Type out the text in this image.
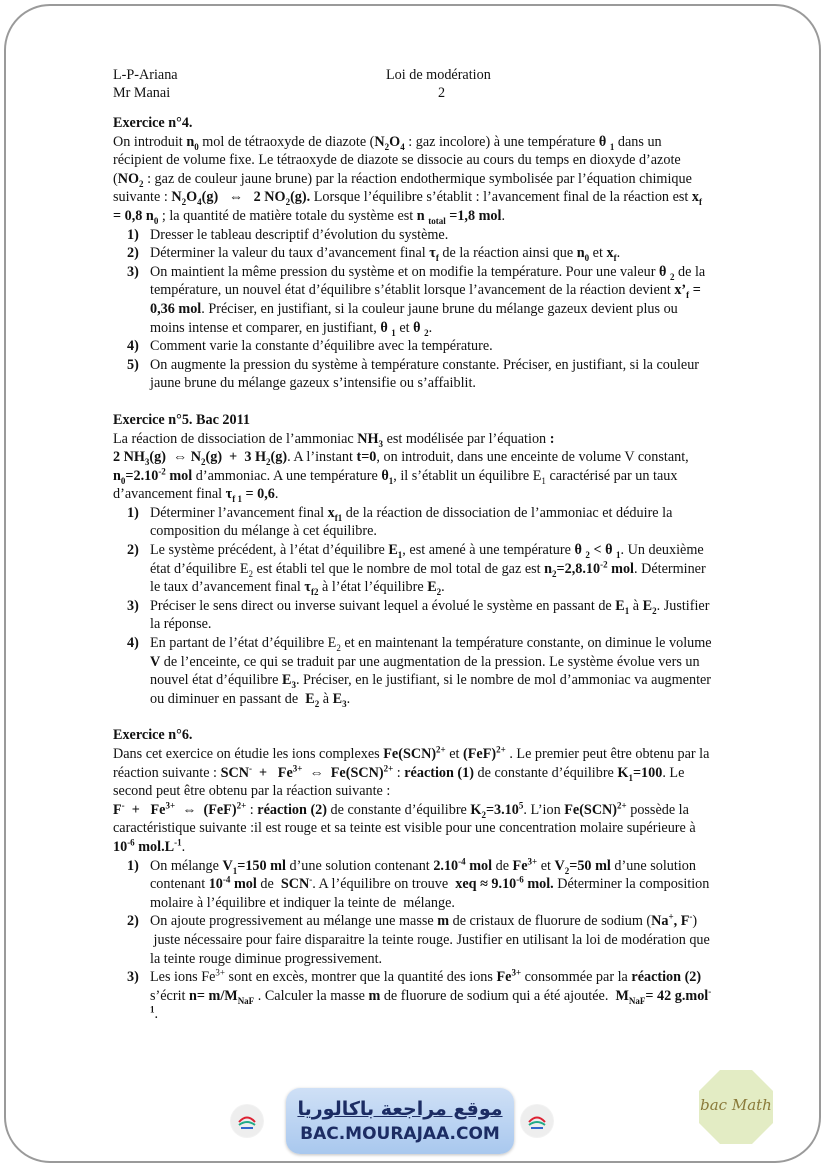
L-P-Ariana
Mr Manai
Loi de modération
2
Exercice n°4.

On introduit $n_0$ mol de tétraoxyde de diazote ($N_2O_4$ : gaz incolore) à une température θ $_1$ dans un récipient de volume fixe. Le tétraoxyde de diazote se dissocie au cours du temps en dioxyde d’azote ($NO_2$ : gaz de couleur jaune brune) par la réaction endothermique symbolisée par l’équation chimique suivante : $N_2O_4(g)$   ⇔   2 $NO_2(g)$. Lorsque l’équilibre s’établit : l’avancement final de la réaction est $x_f = 0,8$ $n_0$ ; la quantité de matière totale du système est n $_{total}$ =1,8 mol.

1) Dresser le tableau descriptif d’évolution du système.
2) Déterminer la valeur du taux d’avancement final $\tau_f$ de la réaction ainsi que $n_0$ et $x_f$.
3) On maintient la même pression du système et on modifie la température. Pour une valeur θ $_2$ de la température, un nouvel état d’équilibre s’établit lorsque l’avancement de la réaction devient $x’_f = 0,36$ mol. Préciser, en justifiant, si la couleur jaune brune du mélange gazeux devient plus ou moins intense et comparer, en justifiant, θ $_1$ et θ $_2$.
4) Comment varie la constante d’équilibre avec la température.
5) On augmente la pression du système à température constante. Préciser, en justifiant, si la couleur jaune brune du mélange gazeux s’intensifie ou s’affaiblit.
Exercice n°5. Bac 2011

La réaction de dissociation de l’ammoniac $NH_3$ est modélisée par l’équation :
2 $NH_3(g)$  ⇔ $N_2(g) + 3$ $H_2(g)$. A l’instant t=0, on introduit, dans une enceinte de volume V constant, $n_0=2.10^{-2}$ mol d’ammoniac. A une température $\theta_1$, il s’établit un équilibre $E_1$ caractérisé par un taux d’avancement final $\tau_{f 1} = 0,6$.

1) Déterminer l’avancement final $x_{f1}$ de la réaction de dissociation de l’ammoniac et déduire la composition du mélange à cet équilibre.
2) Le système précédent, à l’état d’équilibre $E_1$, est amené à une température θ $_2$ < θ $_1$. Un deuxième état d’équilibre $E_2$ est établi tel que le nombre de mol total de gaz est $n_2=2,8.10^{-2}$ mol. Déterminer le taux d’avancement final $\tau_{f2}$ à l’état l’équilibre $E_2$.
3) Préciser le sens direct ou inverse suivant lequel a évolué le système en passant de $E_1$ à $E_2$. Justifier la réponse.
4) En partant de l’état d’équilibre $E_2$ et en maintenant la température constante, on diminue le volume V de l’enceinte, ce qui se traduit par une augmentation de la pression. Le système évolue vers un nouvel état d’équilibre $E_3$. Préciser, en le justifiant, si le nombre de mol d’ammoniac va augmenter ou diminuer en passant de  $E_2$ à $E_3$.
Exercice n°6.

Dans cet exercice on étudie les ions complexes Fe(SCN)$^{2+}$ et (FeF)$^{2+}$ . Le premier peut être obtenu par la réaction suivante : $SCN^- + Fe^{3+}$  ⇔  Fe(SCN)$^{2+}$ : réaction (1) de constante d’équilibre $K_1=100$. Le second peut être obtenu par la réaction suivante :
$F^- + Fe^{3+}$  ⇔  (FeF)$^{2+}$ : réaction (2) de constante d’équilibre $K_2=3.10^5$. L’ion Fe(SCN)$^{2+}$ possède la caractéristique suivante :il est rouge et sa teinte est visible pour une concentration molaire supérieure à $10^{-6}$ $mol.L^{-1}$.

1) On mélange $V_1=150$ ml d’une solution contenant $2.10^{-4}$ mol de $Fe^{3+}$ et $V_2=50$ ml d’une solution contenant $10^{-4}$ mol de  SCN-. A l’équilibre on trouve  xeq ≈ $9.10^{-6}$ mol. Déterminer la composition molaire à l’équilibre et indiquer la teinte de  mélange.
2) On ajoute progressivement au mélange une masse m de cristaux de fluorure de sodium (Na+, F-)  juste nécessaire pour faire disparaitre la teinte rouge. Justifier en utilisant la loi de modération que la teinte rouge diminue progressivement.
3) Les ions $Fe^{3+}$ sont en excès, montrer que la quantité des ions $Fe^{3+}$ consommée par la réaction (2) s’écrit $n= m/M_{NaF}$ . Calculer la masse m de fluorure de sodium qui a été ajoutée.  $M_{NaF}= 42$ g.mol$^{-1}$.
موقع مراجعة باكالوريا
BAC.MOURAJAA.COM
bac Math
